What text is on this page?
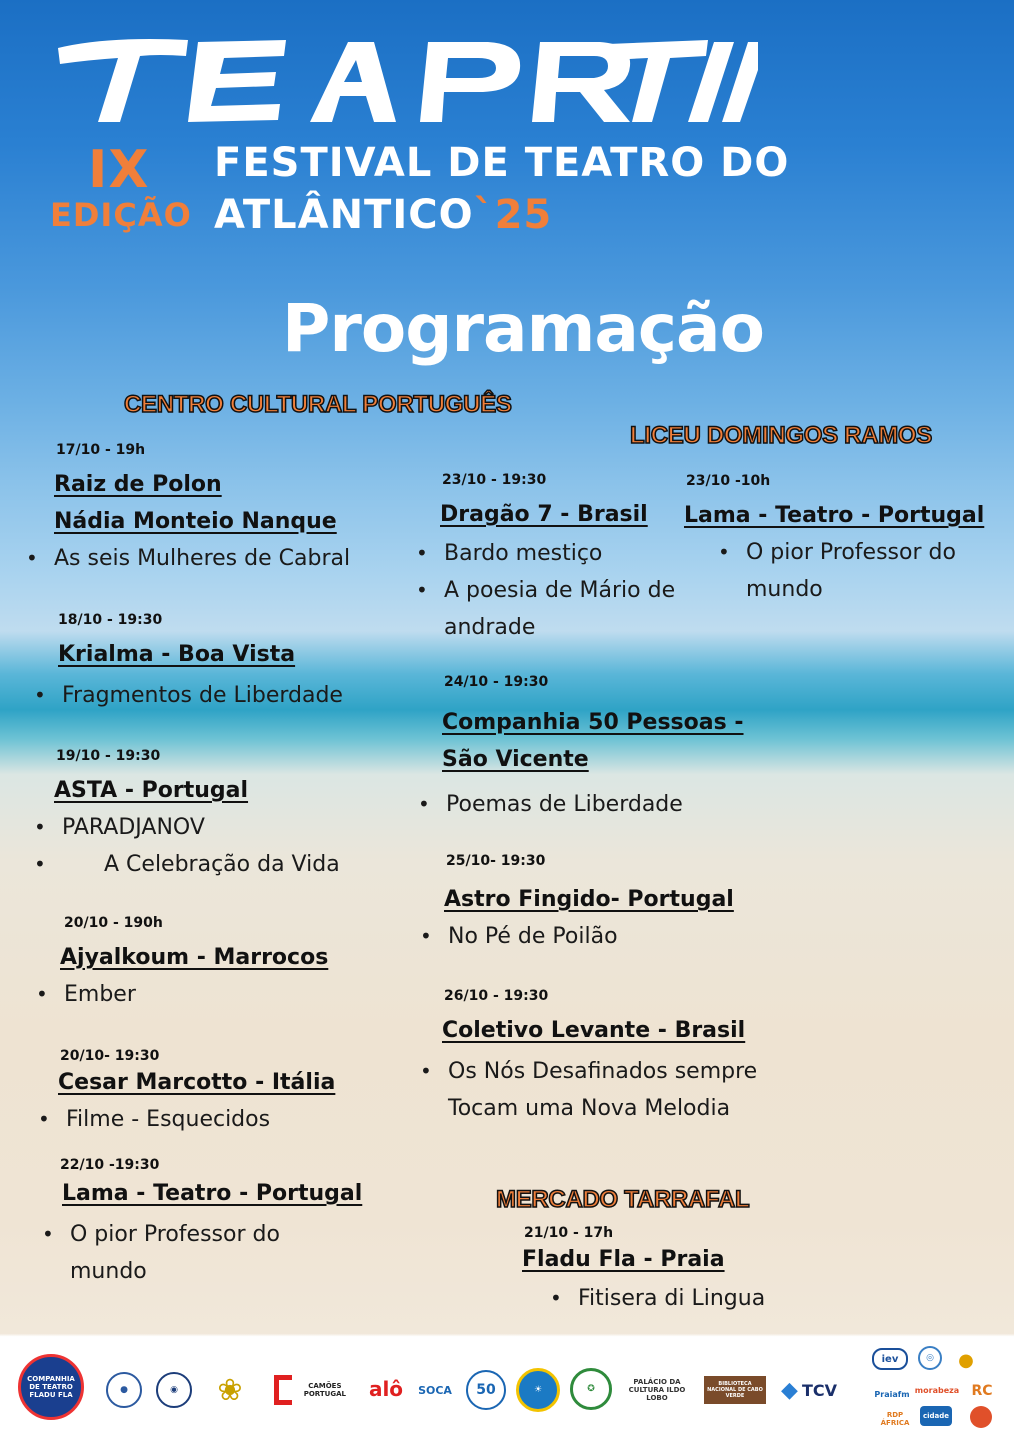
IX
EDIÇÃO
FESTIVAL DE TEATRO DO
ATLÂNTICO`25
Programação
CENTRO CULTURAL PORTUGUÊS
LICEU DOMINGOS RAMOS
MERCADO TARRAFAL
17/10 - 19h
Raiz de Polon
Nádia Monteio Nanque
• As seis Mulheres de Cabral
18/10 - 19:30
Krialma - Boa Vista
• Fragmentos de Liberdade
19/10 - 19:30
ASTA - Portugal
• PARADJANOV
• A Celebração da Vida
20/10 - 190h
Ajyalkoum - Marrocos
• Ember
20/10- 19:30
Cesar Marcotto - Itália
• Filme - Esquecidos
22/10 -19:30
Lama - Teatro - Portugal
• O pior Professor do mundo
23/10 - 19:30
Dragão 7 - Brasil
• Bardo mestiço
• A poesia de Mário de andrade
24/10 - 19:30
Companhia 50 Pessoas -
São Vicente
• Poemas de Liberdade
25/10- 19:30
Astro Fingido- Portugal
• No Pé de Poilão
26/10 - 19:30
Coletivo Levante - Brasil
• Os Nós Desafinados sempre Tocam uma Nova Melodia
23/10 -10h
Lama - Teatro - Portugal
• O pior Professor do mundo
21/10 - 17h
Fladu Fla - Praia
• Fitisera di Lingua
COMPANHIA DE TEATRO FLADU FLA	●	◉	❀	CAMÕES PORTUGAL	alô	SOCA	50	☀	✪
PALÁCIO DA CULTURA ILDO LOBO
BIBLIOTECA NACIONAL DE CABO VERDE	◆ TCV
iev	◎	●
Praiafm morabeza RC
RDP ÁFRICA
cidade
